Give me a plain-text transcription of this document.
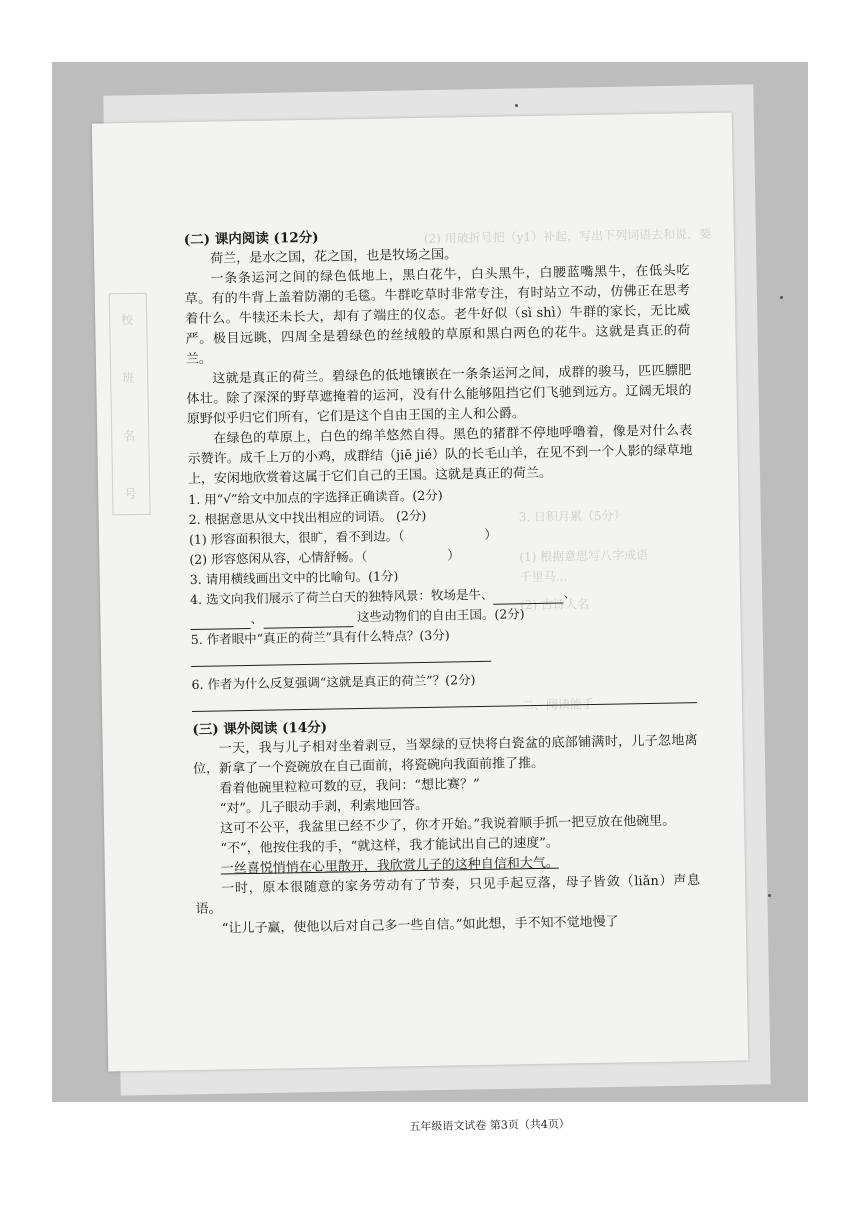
校
班
名
号
(2) 用破折号把（y1）补起，写出下列词语去和说，要
3. 日积月累（5分）
(1) 根据意思写八字成语
千里马...
(2) 古诗人名
二、阅读能手

(二) 课内阅读 (12分)

荷兰，是水之国，花之国，也是牧场之国。

一条条运河之间的绿色低地上，黑白花牛，白头黑牛，白腰蓝嘴黑牛，在低头吃草。有的牛背上盖着防潮的毛毯。牛群吃草时非常专注，有时站立不动，仿佛正在思考着什么。牛犊还未长大，却有了端庄的仪态。老牛好似（sì shì）牛群的家长，无比威严。极目远眺，四周全是碧绿色的丝绒般的草原和黑白两色的花牛。这就是真正的荷兰。

这就是真正的荷兰。碧绿色的低地镶嵌在一条条运河之间，成群的骏马，匹匹膘肥体壮。除了深深的野草遮掩着的运河，没有什么能够阻挡它们飞驰到远方。辽阔无垠的原野似乎归它们所有，它们是这个自由王国的主人和公爵。

在绿色的草原上，白色的绵羊悠然自得。黑色的猪群不停地呼噜着，像是对什么表示赞许。成千上万的小鸡，成群结（jiē jié）队的长毛山羊，在见不到一个人影的绿草地上，安闲地欣赏着这属于它们自己的王国。这就是真正的荷兰。

1. 用“√”给文中加点的字选择正确读音。(2分)

2. 根据意思从文中找出相应的词语。 (2分)

(1) 形容面积很大，很旷，看不到边。（	）

(2) 形容悠闲从容，心情舒畅。（	）

3. 请用横线画出文中的比喻句。(1分)

4. 选文向我们展示了荷兰白天的独特风景：牧场是牛、	、

、	这些动物们的自由王国。(2分)

5. 作者眼中“真正的荷兰”具有什么特点？(3分)

6. 作者为什么反复强调“这就是真正的荷兰”？(2分)

(三) 课外阅读 (14分)

一天，我与儿子相对坐着剥豆，当翠绿的豆快将白瓷盆的底部铺满时，儿子忽地离位，新拿了一个瓷碗放在自己面前，将瓷碗向我面前推了推。

看着他碗里粒粒可数的豆，我问：“想比赛？”

“对”。儿子眼动手剥，利索地回答。

这可不公平，我盆里已经不少了，你才开始。”我说着顺手抓一把豆放在他碗里。

“不”，他按住我的手，“就这样，我才能试出自己的速度”。

一丝喜悦悄悄在心里散开，我欣赏儿子的这种自信和大气。

一时，原本很随意的家务劳动有了节奏，只见手起豆落，母子皆敛（liǎn）声息语。

“让儿子赢，使他以后对自己多一些自信。”如此想，手不知不觉地慢了

五年级语文试卷 第3页（共4页）
